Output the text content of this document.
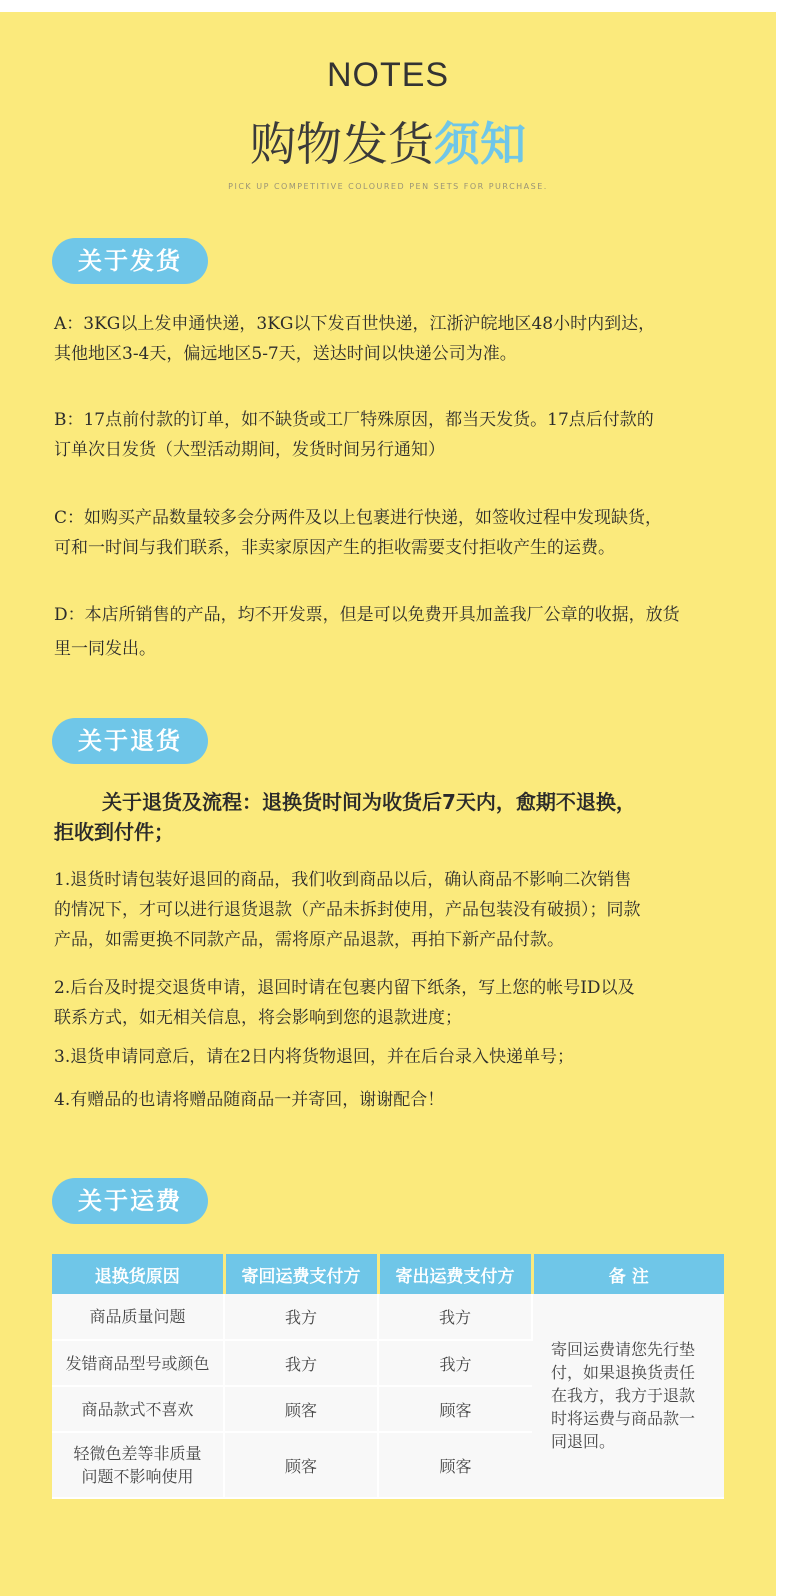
NOTES
购物发货须知
PICK UP COMPETITIVE COLOURED PEN SETS FOR PURCHASE.
关于发货
A：3KG以上发申通快递，3KG以下发百世快递，江浙沪皖地区48小时内到达，
其他地区3-4天，偏远地区5-7天，送达时间以快递公司为准。
B：17点前付款的订单，如不缺货或工厂特殊原因，都当天发货。17点后付款的
订单次日发货（大型活动期间，发货时间另行通知）
C：如购买产品数量较多会分两件及以上包裹进行快递，如签收过程中发现缺货，
可和一时间与我们联系，非卖家原因产生的拒收需要支付拒收产生的运费。
D：本店所销售的产品，均不开发票，但是可以免费开具加盖我厂公章的收据，放货
里一同发出。
关于退货
关于退货及流程：退换货时间为收货后7天内，愈期不退换，
拒收到付件；
1.退货时请包装好退回的商品，我们收到商品以后，确认商品不影响二次销售
的情况下，才可以进行退货退款（产品未拆封使用，产品包装没有破损）；同款
产品，如需更换不同款产品，需将原产品退款，再拍下新产品付款。
2.后台及时提交退货申请，退回时请在包裹内留下纸条，写上您的帐号ID以及
联系方式，如无相关信息，将会影响到您的退款进度；
3.退货申请同意后，请在2日内将货物退回，并在后台录入快递单号；
4.有赠品的也请将赠品随商品一并寄回，谢谢配合！
关于运费
退换货原因	寄回运费支付方	寄出运费支付方	备 注
商品质量问题	我方	我方	寄回运费请您先行垫付，如果退换货责任在我方，我方于退款时将运费与商品款一同退回。
发错商品型号或颜色	我方	我方	
商品款式不喜欢	顾客	顾客	
轻微色差等非质量
问题不影响使用	顾客	顾客	
